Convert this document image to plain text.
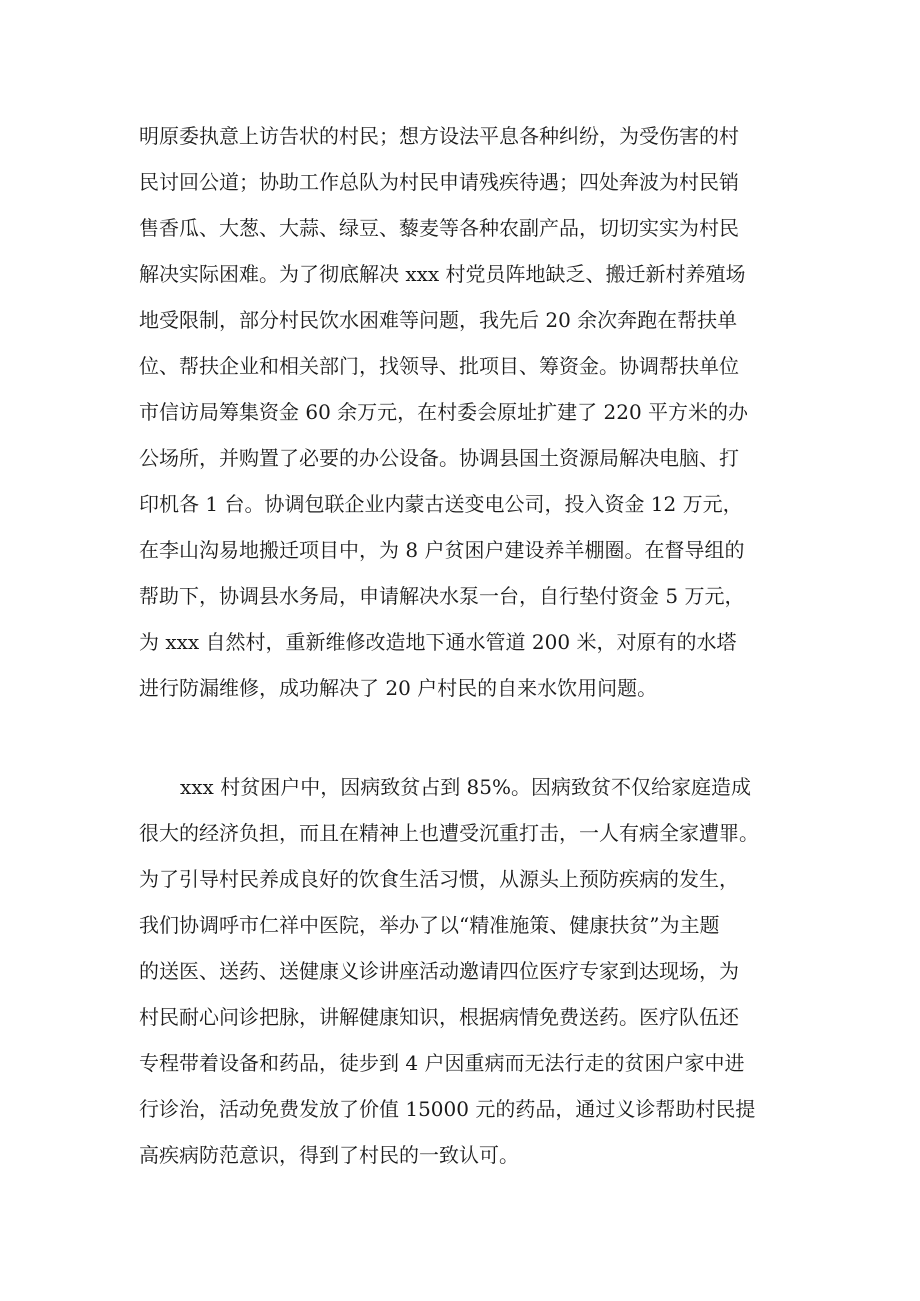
明原委执意上访告状的村民；想方设法平息各种纠纷，为受伤害的村
民讨回公道；协助工作总队为村民申请残疾待遇；四处奔波为村民销
售香瓜、大葱、大蒜、绿豆、藜麦等各种农副产品，切切实实为村民
解决实际困难。为了彻底解决 xxx 村党员阵地缺乏、搬迁新村养殖场
地受限制，部分村民饮水困难等问题，我先后 20 余次奔跑在帮扶单
位、帮扶企业和相关部门，找领导、批项目、筹资金。协调帮扶单位
市信访局筹集资金 60 余万元，在村委会原址扩建了 220 平方米的办
公场所，并购置了必要的办公设备。协调县国土资源局解决电脑、打
印机各 1 台。协调包联企业内蒙古送变电公司，投入资金 12 万元，
在李山沟易地搬迁项目中，为 8 户贫困户建设养羊棚圈。在督导组的
帮助下，协调县水务局，申请解决水泵一台，自行垫付资金 5 万元，
为 xxx 自然村，重新维修改造地下通水管道 200 米，对原有的水塔
进行防漏维修，成功解决了 20 户村民的自来水饮用问题。
xxx 村贫困户中，因病致贫占到 85%。因病致贫不仅给家庭造成
很大的经济负担，而且在精神上也遭受沉重打击，一人有病全家遭罪。
为了引导村民养成良好的饮食生活习惯，从源头上预防疾病的发生，
我们协调呼市仁祥中医院，举办了以“精准施策、健康扶贫”为主题
的送医、送药、送健康义诊讲座活动邀请四位医疗专家到达现场，为
村民耐心问诊把脉，讲解健康知识，根据病情免费送药。医疗队伍还
专程带着设备和药品，徒步到 4 户因重病而无法行走的贫困户家中进
行诊治，活动免费发放了价值 15000 元的药品，通过义诊帮助村民提
高疾病防范意识，得到了村民的一致认可。
